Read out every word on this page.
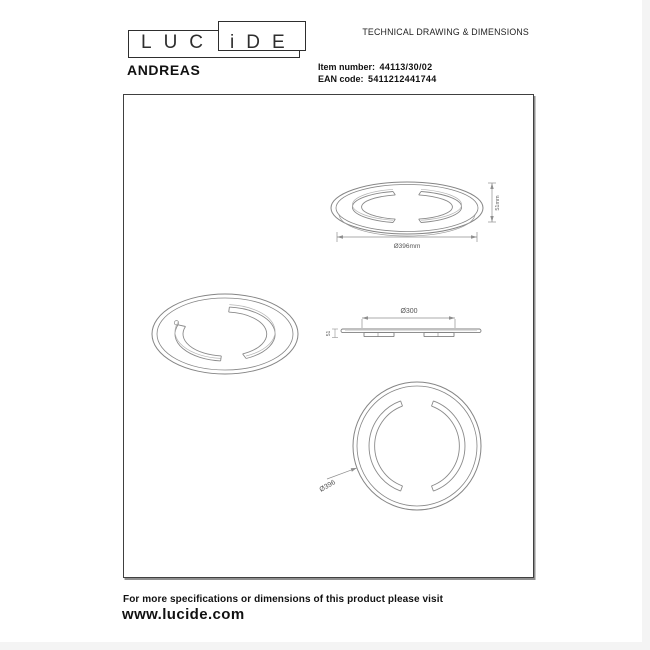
LUC iDE	TECHNICAL DRAWING & DIMENSIONS
ANDREAS	Item number: 44113/30/02
EAN code: 5411212441744
Ø396mm
51mm
Ø300
51
Ø396
For more specifications or dimensions of this product please visit
www.lucide.com
